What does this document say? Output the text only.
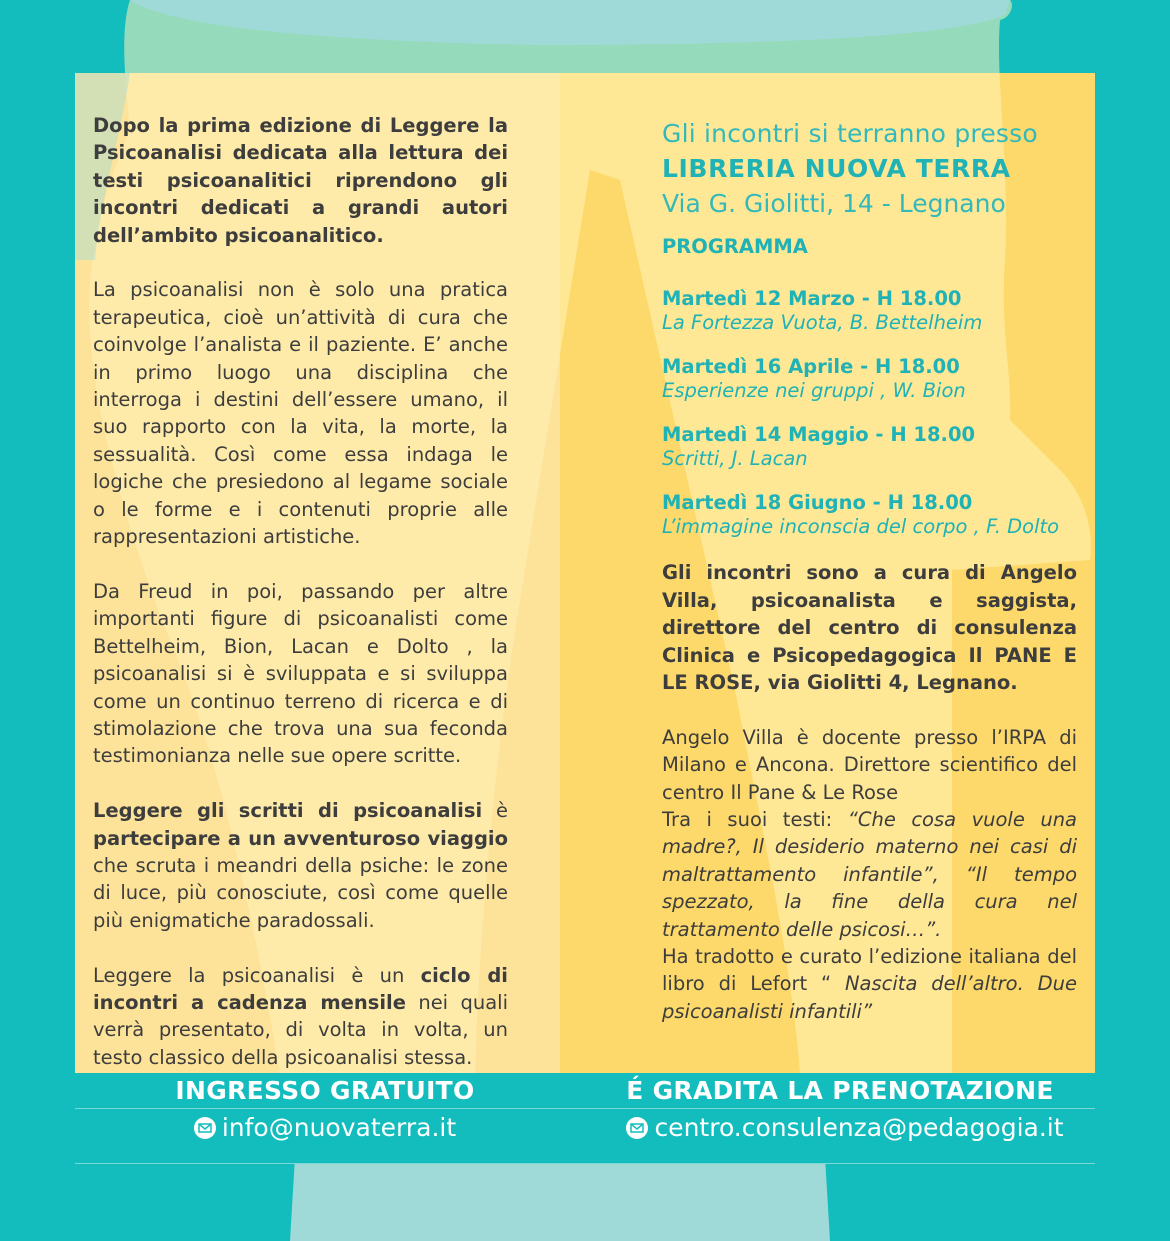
Dopo la prima edizione di Leggere la Psicoanalisi dedicata alla lettura dei testi psicoanalitici riprendono gli incontri dedicati a grandi autori dell’ambito psicoanalitico.

La psicoanalisi non è solo una pratica terapeutica, cioè un’attività di cura che coinvolge l’analista e il paziente. E’ anche in primo luogo una disciplina che interroga i destini dell’essere umano, il suo rapporto con la vita, la morte, la sessualità. Così come essa indaga le logiche che presiedono al legame sociale o le forme e i contenuti proprie alle rappresentazioni artistiche.

Da Freud in poi, passando per altre importanti figure di psicoanalisti come Bettelheim, Bion, Lacan e Dolto , la psicoanalisi si è sviluppata e si sviluppa come un continuo terreno di ricerca e di stimolazione che trova una sua feconda testimonianza nelle sue opere scritte.

Leggere gli scritti di psicoanalisi è partecipare a un avventuroso viaggio che scruta i meandri della psiche: le zone di luce, più conosciute, così come quelle più enigmatiche paradossali.

Leggere la psicoanalisi è un ciclo di incontri a cadenza mensile nei quali verrà presentato, di volta in volta, un testo classico della psicoanalisi stessa.

Gli incontri si terranno presso
LIBRERIA NUOVA TERRA
Via G. Giolitti, 14 - Legnano
PROGRAMMA
Martedì 12 Marzo - H 18.00
La Fortezza Vuota, B. Bettelheim
Martedì 16 Aprile - H 18.00
Esperienze nei gruppi , W. Bion
Martedì 14 Maggio - H 18.00
Scritti, J. Lacan
Martedì 18 Giugno - H 18.00
L’immagine inconscia del corpo , F. Dolto

Gli incontri sono a cura di Angelo Villa, psicoanalista e saggista, direttore del centro di consulenza Clinica e Psicopedagogica Il PANE E LE ROSE, via Giolitti 4, Legnano.

Angelo Villa è docente presso l’IRPA di Milano e Ancona. Direttore scientifico del centro Il Pane & Le Rose
Tra i suoi testi: “Che cosa vuole una madre?, Il desiderio materno nei casi di maltrattamento infantile”, “Il tempo spezzato, la fine della cura nel trattamento delle psicosi…”.
Ha tradotto e curato l’edizione italiana del libro di Lefort “ Nascita dell’altro. Due psicoanalisti infantili”

INGRESSO GRATUITO	É GRADITA LA PRENOTAZIONE
info@nuovaterra.it	centro.consulenza@pedagogia.it
